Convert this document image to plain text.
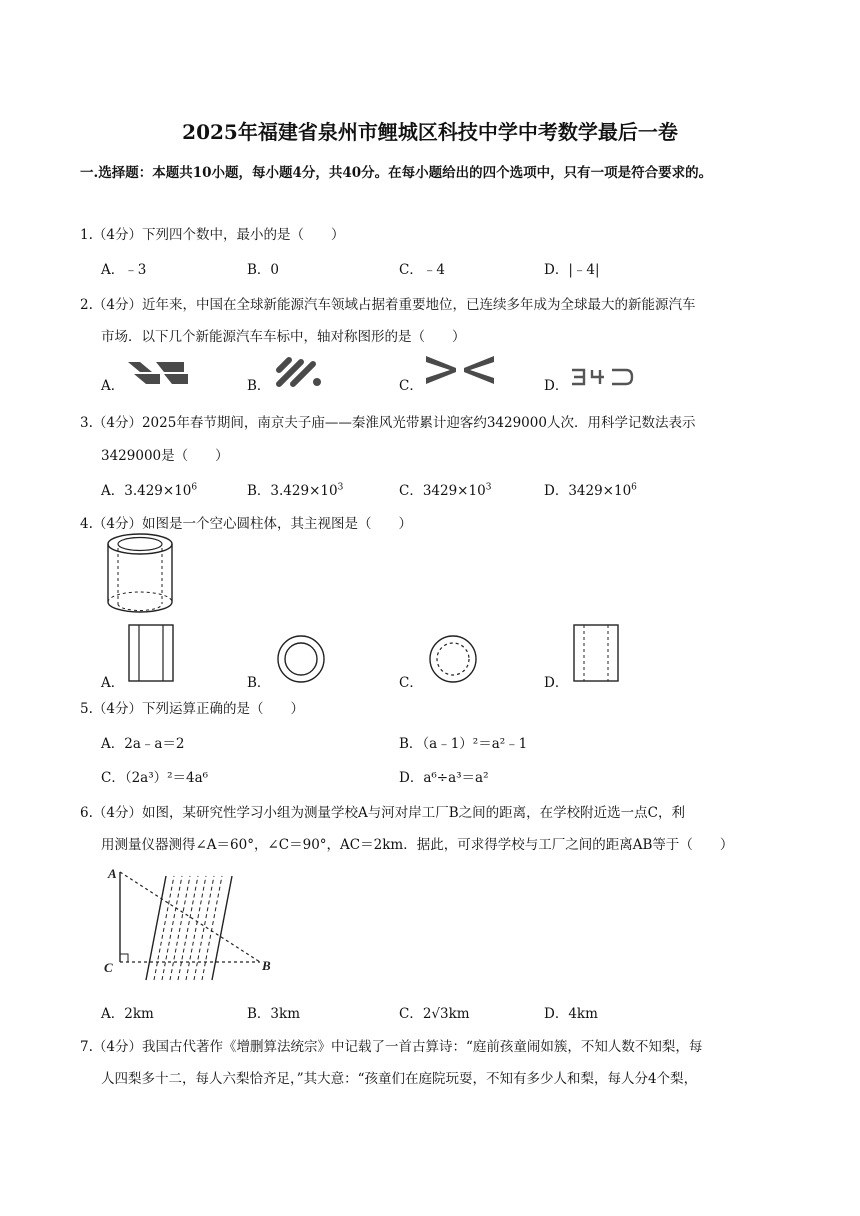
2025年福建省泉州市鲤城区科技中学中考数学最后一卷
一.选择题：本题共10小题，每小题4分，共40分。在每小题给出的四个选项中，只有一项是符合要求的。
1.（4分）下列四个数中，最小的是（　　）
A．﹣3	B．0	C．﹣4	D．|﹣4|
2.（4分）近年来，中国在全球新能源汽车领域占据着重要地位，已连续多年成为全球最大的新能源汽车
市场．以下几个新能源汽车车标中，轴对称图形的是（　　）
A．	B．	C．	D．
3.（4分）2025年春节期间，南京夫子庙——秦淮风光带累计迎客约3429000人次．用科学记数法表示
3429000是（　　）
A．$3.429\times 10^6$	B．$3.429\times 10^3$	C．$3429\times 10^3$	D．$3429\times 10^6$
4.（4分）如图是一个空心圆柱体，其主视图是（　　）
A．	B．	C．	D．
5.（4分）下列运算正确的是（　　）
A．2a﹣a＝2	B．（a﹣1）²＝a²﹣1
C．（2a³）²＝4a⁶	D．a⁶÷a³＝a²
6.（4分）如图，某研究性学习小组为测量学校A与河对岸工厂B之间的距离，在学校附近选一点C，利
用测量仪器测得∠A＝60°，∠C＝90°，AC＝2km．据此，可求得学校与工厂之间的距离AB等于（　　）
A
C	B
A．2km	B．3km	C．2√3km	D．4km
7.（4分）我国古代著作《增删算法统宗》中记载了一首古算诗：“庭前孩童闹如簇，不知人数不知梨，每
人四梨多十二，每人六梨恰齐足，”其大意：“孩童们在庭院玩耍，不知有多少人和梨，每人分4个梨，
